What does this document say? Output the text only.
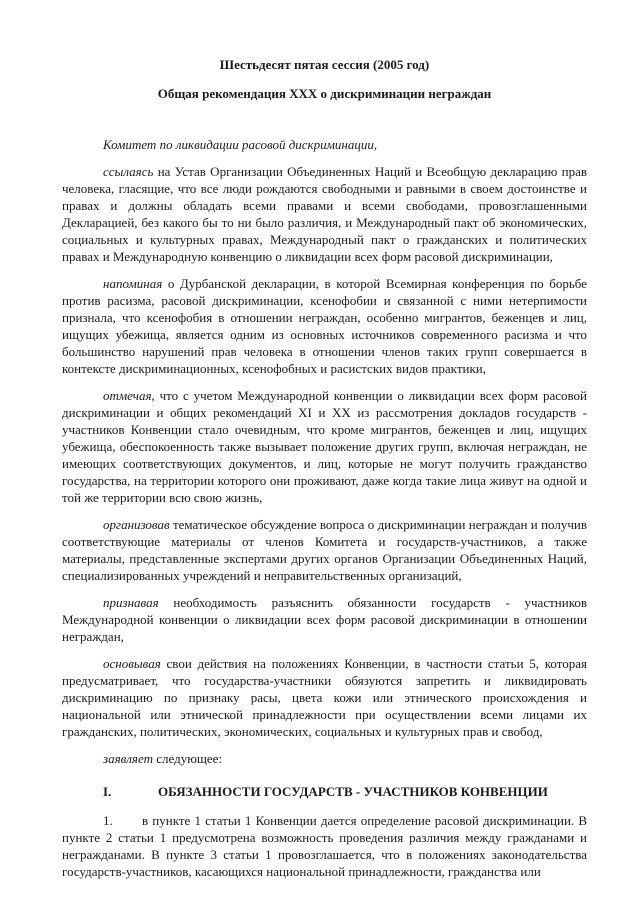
Шестьдесят пятая сессия (2005 год)

Общая рекомендация XXX о дискриминации неграждан

Комитет по ликвидации расовой дискриминации,

ссылаясь на Устав Организации Объединенных Наций и Всеобщую декларацию прав человека, гласящие, что все люди рождаются свободными и равными в своем достоинстве и правах и должны обладать всеми правами и всеми свободами, провозглашенными Декларацией, без какого бы то ни было различия, и Международный пакт об экономических, социальных и культурных правах, Международный пакт о гражданских и политических правах и Международную конвенцию о ликвидации всех форм расовой дискриминации,

напоминая о Дурбанской декларации, в которой Всемирная конференция по борьбе против расизма, расовой дискриминации, ксенофобии и связанной с ними нетерпимости признала, что ксенофобия в отношении неграждан, особенно мигрантов, беженцев и лиц, ищущих убежища, является одним из основных источников современного расизма и что большинство нарушений прав человека в отношении членов таких групп совершается в контексте дискриминационных, ксенофобных и расистских видов практики,

отмечая, что с учетом Международной конвенции о ликвидации всех форм расовой дискриминации и общих рекомендаций XI и XX из рассмотрения докладов государств - участников Конвенции стало очевидным, что кроме мигрантов, беженцев и лиц, ищущих убежища, обеспокоенность также вызывает положение других групп, включая неграждан, не имеющих соответствующих документов, и лиц, которые не могут получить гражданство государства, на территории которого они проживают, даже когда такие лица живут на одной и той же территории всю свою жизнь,

организовав тематическое обсуждение вопроса о дискриминации неграждан и получив соответствующие материалы от членов Комитета и государств-участников, а также материалы, представленные экспертами других органов Организации Объединенных Наций, специализированных учреждений и неправительственных организаций,

признавая необходимость разъяснить обязанности государств - участников Международной конвенции о ликвидации всех форм расовой дискриминации в отношении неграждан,

основывая свои действия на положениях Конвенции, в частности статьи 5, которая предусматривает, что государства-участники обязуются запретить и ликвидировать дискриминацию по признаку расы, цвета кожи или этнического происхождения и национальной или этнической принадлежности при осуществлении всеми лицами их гражданских, политических, экономических, социальных и культурных прав и свобод,

заявляет следующее:

I.	ОБЯЗАННОСТИ ГОСУДАРСТВ - УЧАСТНИКОВ КОНВЕНЦИИ

1. в пункте 1 статьи 1 Конвенции дается определение расовой дискриминации. В пункте 2 статьи 1 предусмотрена возможность проведения различия между гражданами и негражданами. В пункте 3 статьи 1 провозглашается, что в положениях законодательства государств-участников, касающихся национальной принадлежности, гражданства или
